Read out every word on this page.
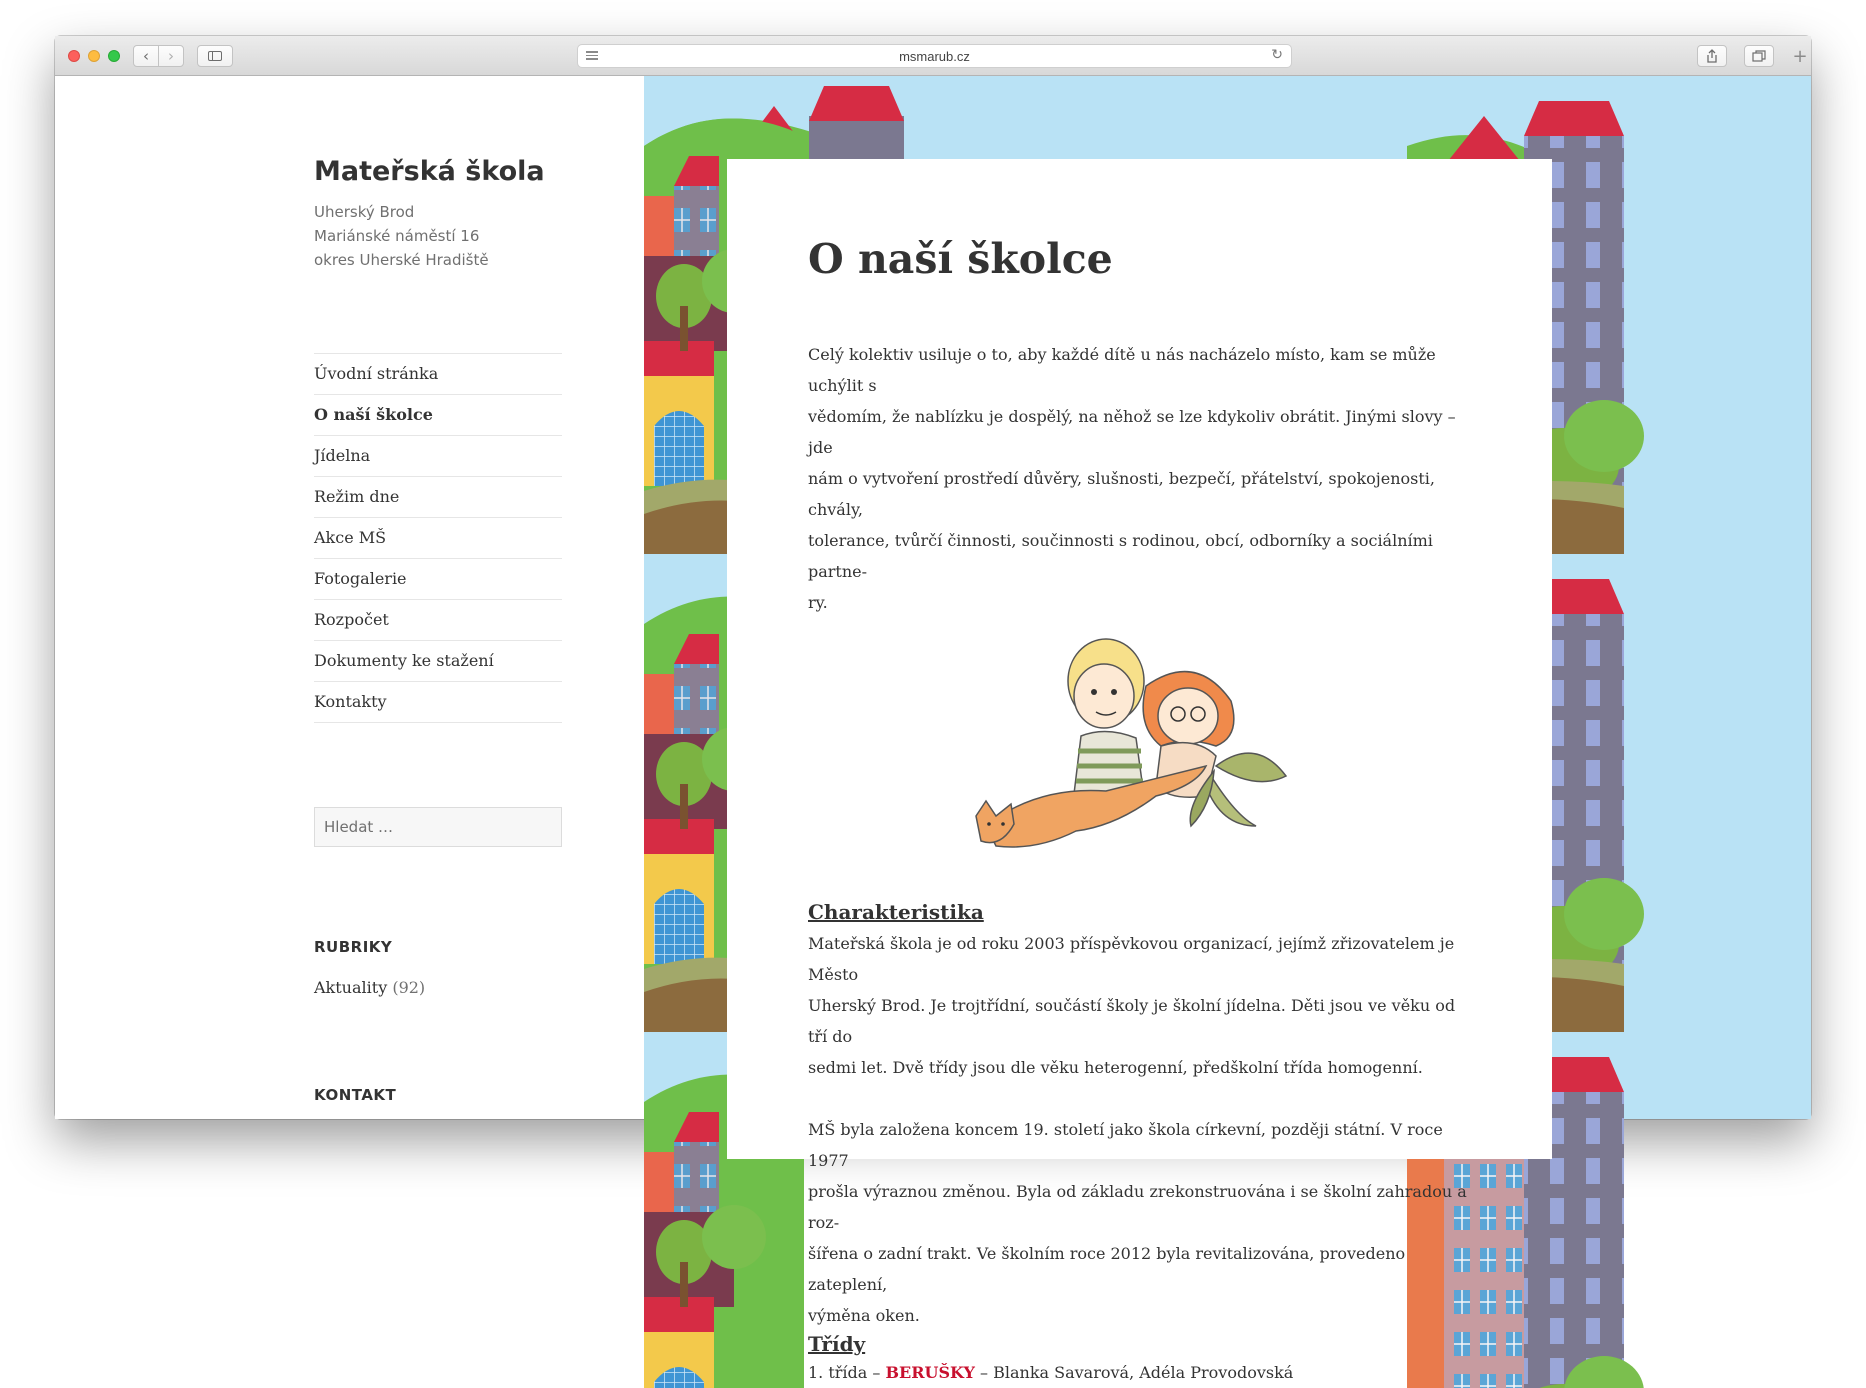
‹ ›	msmarub.cz	↻	+
Mateřská škola
Uherský Brod
Mariánské náměstí 16
okres Uherské Hradiště
Úvodní stránka
O naší školce
Jídelna
Režim dne
Akce MŠ
Fotogalerie
Rozpočet
Dokumenty ke stažení
Kontakty
Hledat …
RUBRIKY
Aktuality (92)
KONTAKT
O naší školce

Celý kolektiv usiluje o to, aby každé dítě u nás nacházelo místo, kam se může uchýlit s

vědomím, že nablízku je dospělý, na něhož se lze kdykoliv obrátit. Jinými slovy – jde

nám o vytvoření prostředí důvěry, slušnosti, bezpečí, přátelství, spokojenosti, chvály,

tolerance, tvůrčí činnosti, součinnosti s rodinou, obcí, odborníky a sociálními partne-

ry.

Charakteristika

Mateřská škola je od roku 2003 příspěvkovou organizací, jejímž zřizovatelem je Město

Uherský Brod. Je trojtřídní, součástí školy je školní jídelna. Děti jsou ve věku od tří do

sedmi let. Dvě třídy jsou dle věku heterogenní, předškolní třída homogenní.

MŠ byla založena koncem 19. století jako škola církevní, později státní. V roce 1977

prošla výraznou změnou. Byla od základu zrekonstruována i se školní zahradou a roz-

šířena o zadní trakt. Ve školním roce 2012 byla revitalizována, provedeno zateplení,

výměna oken.

Třídy

1. třída – BERUŠKY – Blanka Savarová, Adéla Provodovská
